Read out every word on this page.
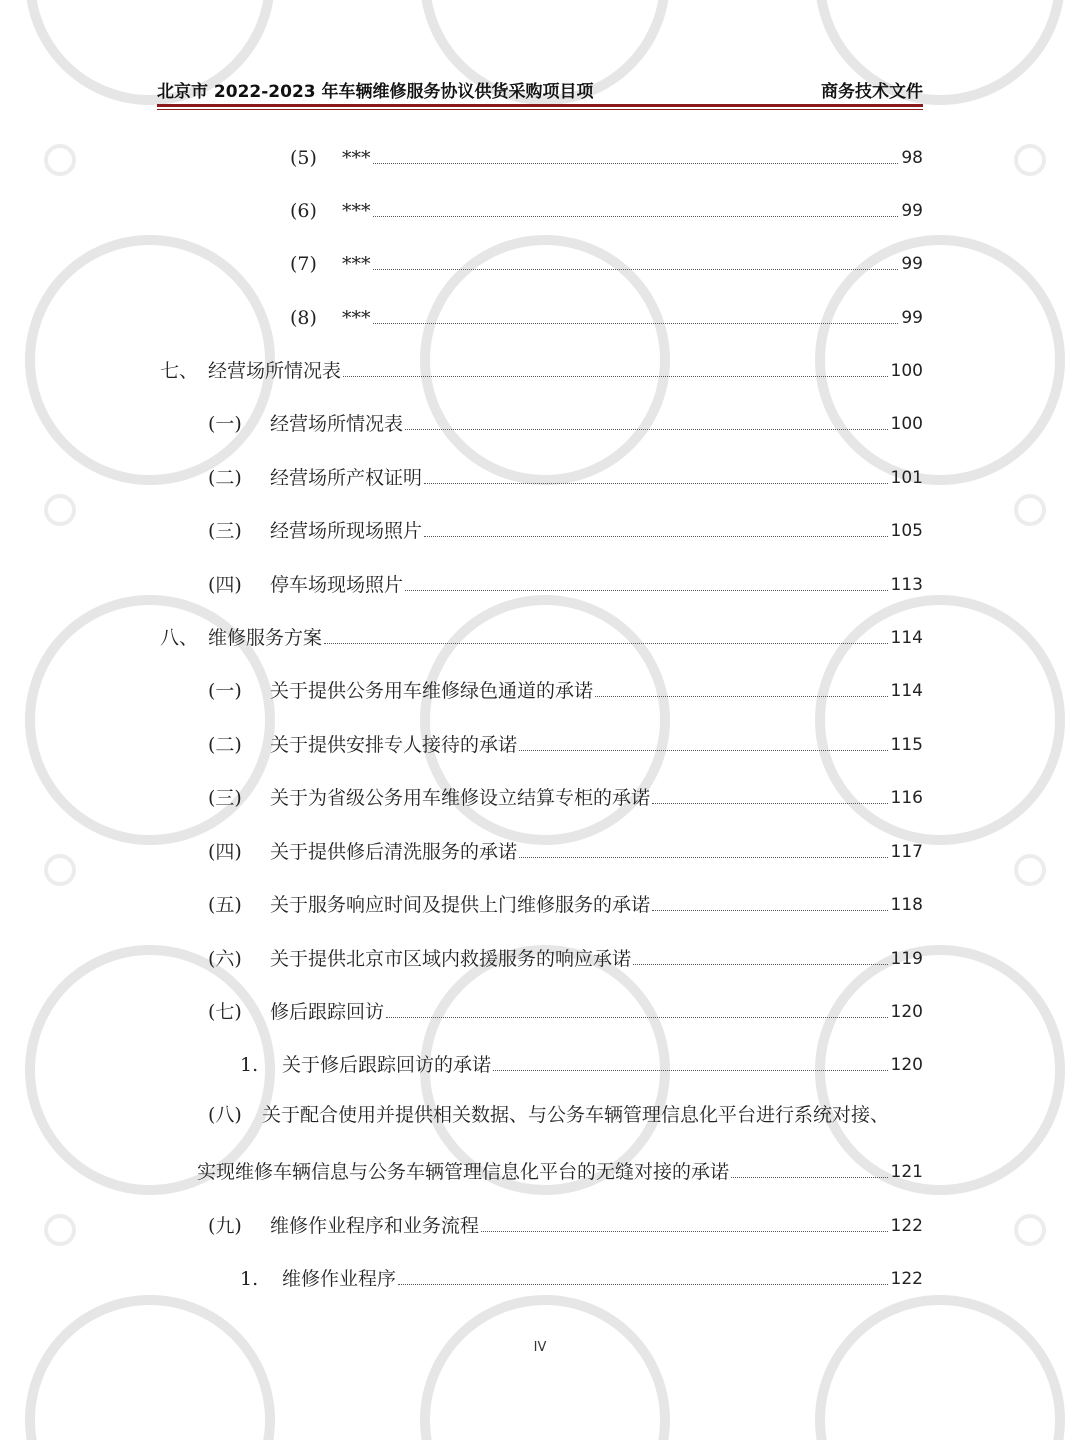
北京市 2022-2023 年车辆维修服务协议供货采购项目项	商务技术文件
(5)	***	98
(6)	***	99
(7)	***	99
(8)	***	99
七、 经营场所情况表	100
(一)	经营场所情况表	100
(二)	经营场所产权证明	101
(三)	经营场所现场照片	105
(四)	停车场现场照片	113
八、 维修服务方案	114
(一)	关于提供公务用车维修绿色通道的承诺	114
(二)	关于提供安排专人接待的承诺	115
(三)	关于为省级公务用车维修设立结算专柜的承诺	116
(四)	关于提供修后清洗服务的承诺	117
(五)	关于服务响应时间及提供上门维修服务的承诺	118
(六)	关于提供北京市区域内救援服务的响应承诺	119
(七)	修后跟踪回访	120
1.	关于修后跟踪回访的承诺	120
(八) 关于配合使用并提供相关数据、与公务车辆管理信息化平台进行系统对接、
实现维修车辆信息与公务车辆管理信息化平台的无缝对接的承诺	121
(九)	维修作业程序和业务流程	122
1.	维修作业程序	122
IV
